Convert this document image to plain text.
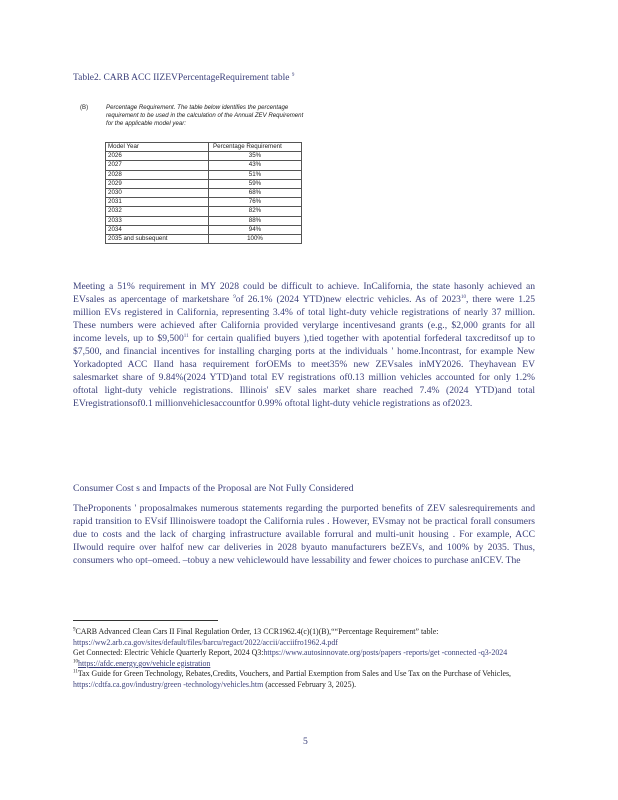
Table2. CARB ACC IIZEVPercentageRequirement table $^9$
(B)	Percentage Requirement. The table below identifies the percentage requirement to be used in the calculation of the Annual ZEV Requirement for the applicable model year:
Model Year	Percentage Requirement
2026	35%
2027	43%
2028	51%
2029	59%
2030	68%
2031	76%
2032	82%
2033	88%
2034	94%
2035 and subsequent	100%
Meeting a 51% requirement in MY 2028 could be difficult to achieve. InCalifornia, the state hasonly achieved an EVsales as apercentage of marketshare $^9$of 26.1% (2024 YTD)new electric vehicles. As of 2023$^{10}$, there were 1.25 million EVs registered in California, representing 3.4% of total light-duty vehicle registrations of nearly 37 million. These numbers were achieved after California provided verylarge incentivesand grants (e.g., $2,000 grants for all income levels, up to $9,500$^{11}$ for certain qualified buyers ),tied together with apotential forfederal taxcreditsof up to $7,500, and financial incentives for installing charging ports at the individuals ' home.Incontrast, for example New Yorkadopted ACC IIand hasa requirement forOEMs to meet35% new ZEVsales inMY2026. Theyhavean EV salesmarket share of 9.84%(2024 YTD)and total EV registrations of0.13 million vehicles accounted for only 1.2% oftotal light-duty vehicle registrations. Illinois' sEV sales market share reached 7.4% (2024 YTD)and total EVregistrationsof0.1 millionvehiclesaccountfor 0.99% oftotal light-duty vehicle registrations as of2023.
Consumer Cost s and Impacts of the Proposal are Not Fully Considered
TheProponents ' proposalmakes numerous statements regarding the purported benefits of ZEV salesrequirements and rapid transition to EVsif Illinoiswere toadopt the California rules . However, EVsmay not be practical forall consumers due to costs and the lack of charging infrastructure available forrural and multi-unit housing . For example, ACC IIwould require over halfof new car deliveries in 2028 byauto manufacturers beZEVs, and 100% by 2035. Thus, consumers who opt–omeed. –tobuy a new vehiclewould have lessability and fewer choices to purchase anICEV. The

$^9$CARB Advanced Clean Cars II Final Regulation Order, 13 CCR1962.4(c)(1)(B),““Percentage Requirement” table: https://ww2.arb.ca.gov/sites/default/files/barcu/regact/2022/accii/acciifro1962.4.pdf

Get Connected: Electric Vehicle Quarterly Report, 2024 Q3:https://www.autosinnovate.org/posts/papers -reports/get -connected -q3-2024

$^{10}$https://afdc.energy.gov/vehicle egistration

$^{11}$Tax Guide for Green Technology, Rebates,Credits, Vouchers, and Partial Exemption from Sales and Use Tax on the Purchase of Vehicles, https://cdtfa.ca.gov/industry/green -technology/vehicles.htm (accessed February 3, 2025).

5
